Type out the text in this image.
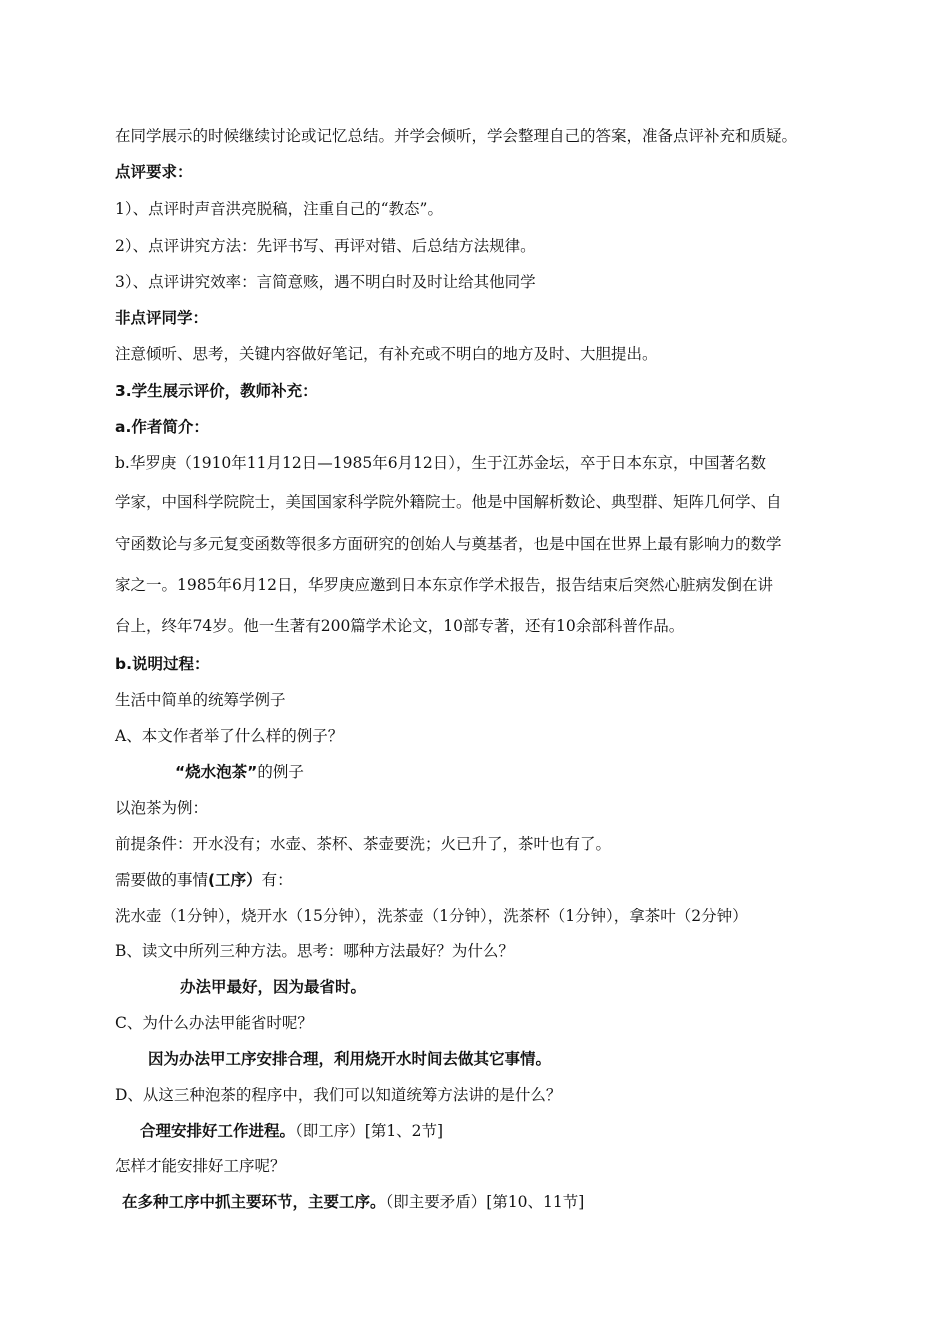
在同学展示的时候继续讨论或记忆总结。并学会倾听，学会整理自己的答案，准备点评补充和质疑。
点评要求：
1）、点评时声音洪亮脱稿，注重自己的“教态”。
2）、点评讲究方法：先评书写、再评对错、后总结方法规律。
3）、点评讲究效率：言简意赅，遇不明白时及时让给其他同学
非点评同学：
注意倾听、思考，关键内容做好笔记，有补充或不明白的地方及时、大胆提出。
3.学生展示评价，教师补充：
a.作者简介：
b.华罗庚（1910年11月12日—1985年6月12日），生于江苏金坛，卒于日本东京，中国著名数
学家，中国科学院院士，美国国家科学院外籍院士。他是中国解析数论、典型群、矩阵几何学、自
守函数论与多元复变函数等很多方面研究的创始人与奠基者，也是中国在世界上最有影响力的数学
家之一。1985年6月12日，华罗庚应邀到日本东京作学术报告，报告结束后突然心脏病发倒在讲
台上，终年74岁。他一生著有200篇学术论文，10部专著，还有10余部科普作品。
b.说明过程：
生活中简单的统筹学例子
A、本文作者举了什么样的例子？
“烧水泡茶”的例子
以泡茶为例：
前提条件：开水没有；水壶、茶杯、茶壶要洗；火已升了，茶叶也有了。
需要做的事情(工序）有：
洗水壶（1分钟），烧开水（15分钟），洗茶壶（1分钟），洗茶杯（1分钟），拿茶叶（2分钟）
B、读文中所列三种方法。思考：哪种方法最好？为什么？
办法甲最好，因为最省时。
C、为什么办法甲能省时呢？
因为办法甲工序安排合理，利用烧开水时间去做其它事情。
D、从这三种泡茶的程序中，我们可以知道统筹方法讲的是什么？
合理安排好工作进程。（即工序）[第1、2节]
怎样才能安排好工序呢？
在多种工序中抓主要环节，主要工序。（即主要矛盾）[第10、11节]
